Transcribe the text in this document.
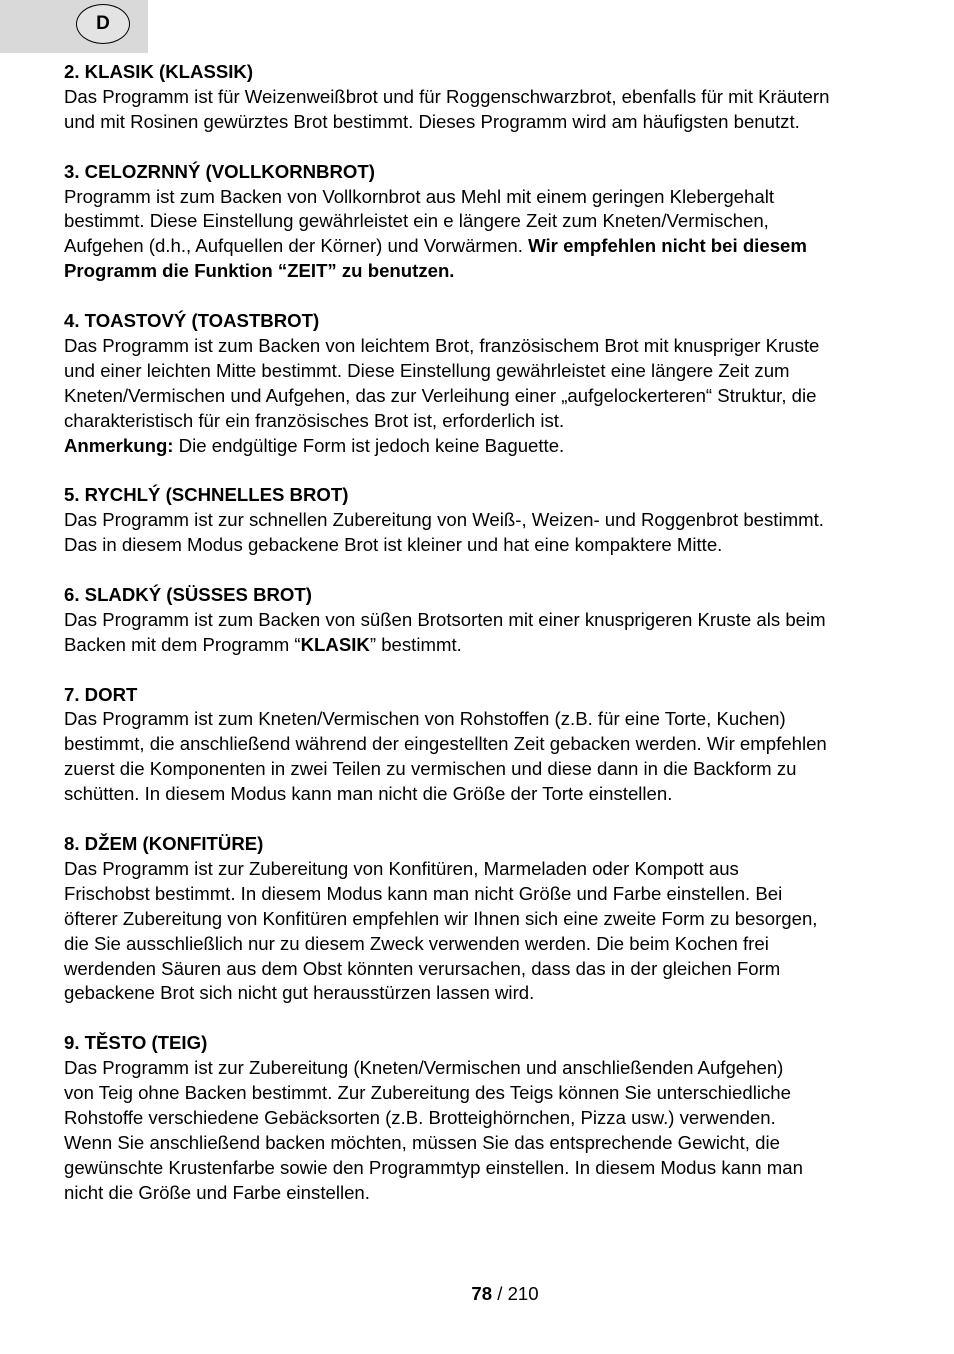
D
2. KLASIK (KLASSIK)

Das Programm ist für Weizenweißbrot und für Roggenschwarzbrot, ebenfalls für mit Kräutern
und mit Rosinen gewürztes Brot bestimmt. Dieses Programm wird am häufigsten benutzt.

3. CELOZRNNÝ (VOLLKORNBROT)

Programm ist zum Backen von Vollkornbrot aus Mehl mit einem geringen Klebergehalt
bestimmt. Diese Einstellung gewährleistet ein e längere Zeit zum Kneten/Vermischen,
Aufgehen (d.h., Aufquellen der Körner) und Vorwärmen. Wir empfehlen nicht bei diesem
Programm die Funktion “ZEIT” zu benutzen.

4. TOASTOVÝ (TOASTBROT)

Das Programm ist zum Backen von leichtem Brot, französischem Brot mit knuspriger Kruste
und einer leichten Mitte bestimmt. Diese Einstellung gewährleistet eine längere Zeit zum
Kneten/Vermischen und Aufgehen, das zur Verleihung einer „aufgelockerteren“ Struktur, die
charakteristisch für ein französisches Brot ist, erforderlich ist.
Anmerkung: Die endgültige Form ist jedoch keine Baguette.

5. RYCHLÝ (SCHNELLES BROT)

Das Programm ist zur schnellen Zubereitung von Weiß-, Weizen- und Roggenbrot bestimmt.
Das in diesem Modus gebackene Brot ist kleiner und hat eine kompaktere Mitte.

6. SLADKÝ (SÜSSES BROT)

Das Programm ist zum Backen von süßen Brotsorten mit einer knusprigeren Kruste als beim
Backen mit dem Programm “KLASIK” bestimmt.

7. DORT

Das Programm ist zum Kneten/Vermischen von Rohstoffen (z.B. für eine Torte, Kuchen)
bestimmt, die anschließend während der eingestellten Zeit gebacken werden. Wir empfehlen
zuerst die Komponenten in zwei Teilen zu vermischen und diese dann in die Backform zu
schütten. In diesem Modus kann man nicht die Größe der Torte einstellen.

8. DŽEM (KONFITÜRE)

Das Programm ist zur Zubereitung von Konfitüren, Marmeladen oder Kompott aus
Frischobst bestimmt. In diesem Modus kann man nicht Größe und Farbe einstellen. Bei
öfterer Zubereitung von Konfitüren empfehlen wir Ihnen sich eine zweite Form zu besorgen,
die Sie ausschließlich nur zu diesem Zweck verwenden werden. Die beim Kochen frei
werdenden Säuren aus dem Obst könnten verursachen, dass das in der gleichen Form
gebackene Brot sich nicht gut herausstürzen lassen wird.

9. TĚSTO (TEIG)

Das Programm ist zur Zubereitung (Kneten/Vermischen und anschließenden Aufgehen)
von Teig ohne Backen bestimmt. Zur Zubereitung des Teigs können Sie unterschiedliche
Rohstoffe verschiedene Gebäcksorten (z.B. Brotteighörnchen, Pizza usw.) verwenden.
Wenn Sie anschließend backen möchten, müssen Sie das entsprechende Gewicht, die
gewünschte Krustenfarbe sowie den Programmtyp einstellen. In diesem Modus kann man
nicht die Größe und Farbe einstellen.

78 / 210
